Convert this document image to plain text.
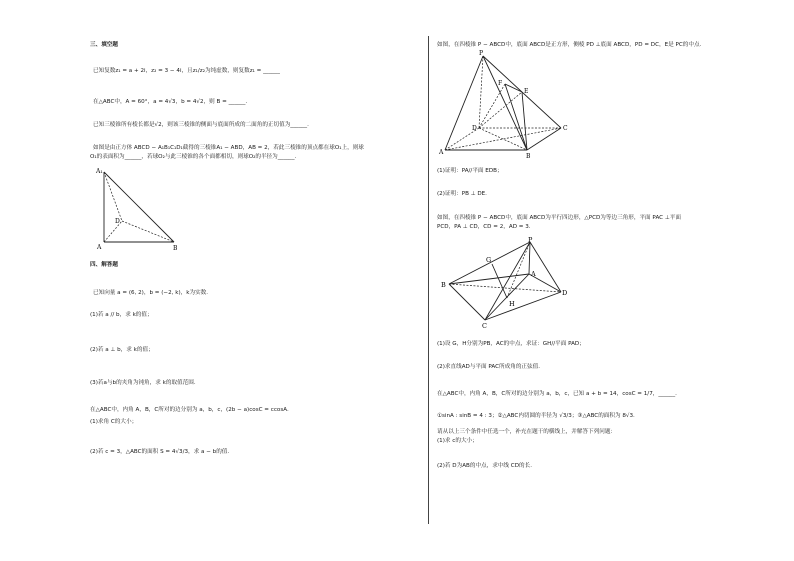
三、填空题
已知复数z₁ = a + 2i，z₂ = 3 − 4i，且z₁/z₂为纯虚数，则复数z₁ = ______
在△ABC中，A = 60°，a = 4√3，b = 4√2，则 B = ______.
已知三棱锥所有棱长都是√2，则该三棱锥的侧面与底面所成的二面角的正切值为______.
如图是由正方体 ABCD − A₁B₁C₁D₁截得的三棱锥A₁ − ABD，AB = 2，若此三棱锥的顶点都在球O₁上，则球
O₁的表面积为______，若球O₂与此三棱锥的各个面都相切，则球O₂的半径为______.
A₁
D
A	B
四、解答题
已知向量 a = (6, 2)，b = (−2, k)，k为实数.
(1)若 a // b，求 k的值；
(2)若 a ⊥ b，求 k的值；
(3)若a与b的夹角为钝角，求 k的取值范围.
在△ABC中，内角 A，B，C所对的边分别为 a，b，c，(2b − a)cosC = ccosA.
(1)求角 C的大小；
(2)若 c = 3，△ABC的面积 S = 4√3/3，求 a − b的值.
如图，在四棱锥 P − ABCD中，底面 ABCD是正方形，侧棱 PD ⊥底面 ABCD，PD = DC，E是 PC的中点.
P
F
E
D	C
A
B
(1)证明：PA//平面 EDB；
(2)证明：PB ⊥ DE.
如图，在四棱锥 P − ABCD中，底面 ABCD为平行四边形，△PCD为等边三角形，平面 PAC ⊥平面
PCD，PA ⊥ CD，CD = 2，AD = 3.
P
G
A
B
H
D
C
(1)设 G，H分别为PB，AC的中点，求证：GH//平面 PAD；
(2)求直线AD与平面 PAC所成角的正弦值.
在△ABC中，内角 A，B，C所对的边分别为 a，b，c，已知 a + b = 14，cosC = 1/7，______.
①sinA : sinB = 4 : 3；②△ABC内切圆的半径为 √3/3；③△ABC的面积为 8√3.
请从以上三个条件中任选一个，补充在题干的横线上，并解答下列问题：
(1)求 c的大小；
(2)若 D为AB的中点，求中线 CD的长.
